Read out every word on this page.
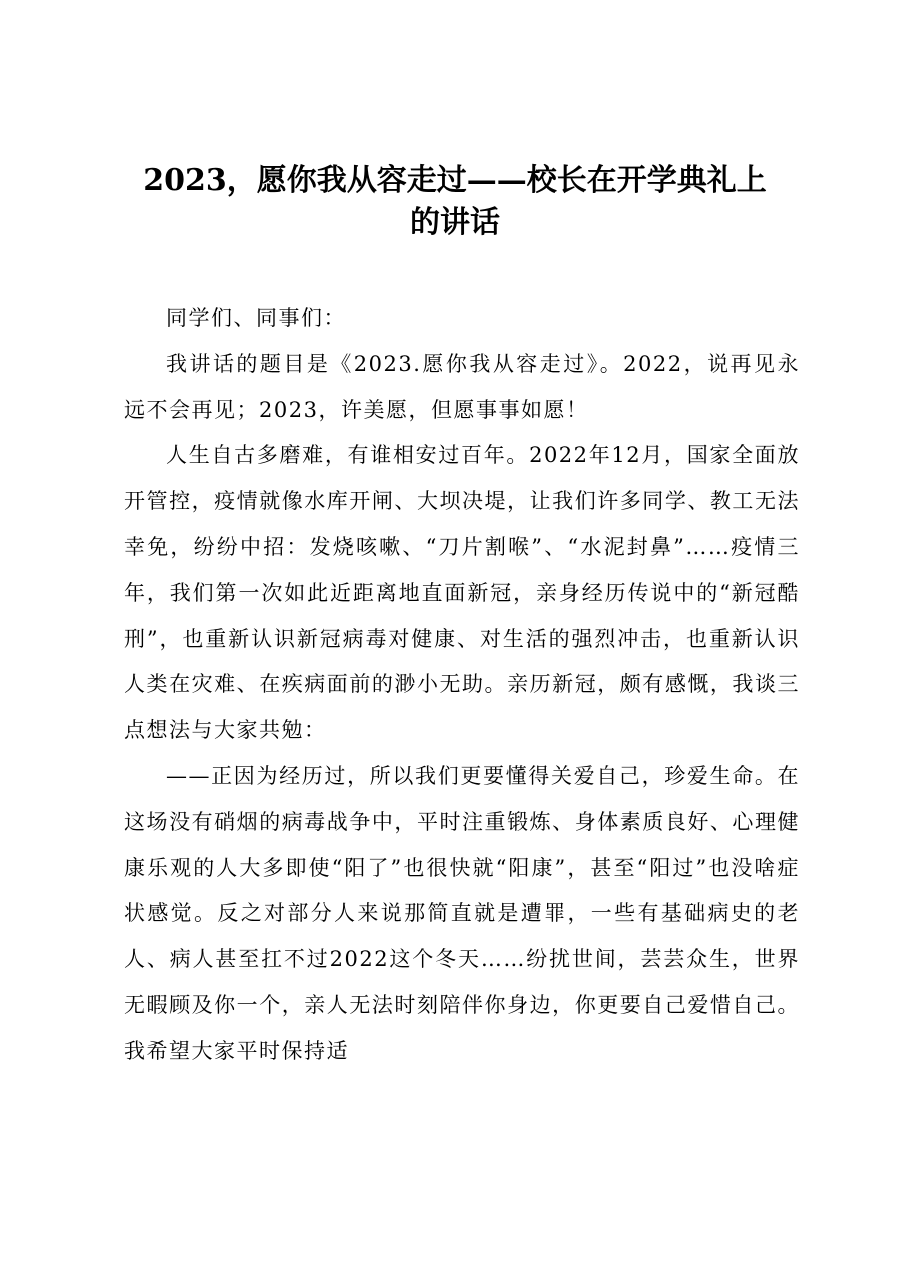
2023，愿你我从容走过——校长在开学典礼上
的讲话

同学们、同事们：

我讲话的题目是《2023.愿你我从容走过》。2022，说再见永远不会再见；2023，许美愿，但愿事事如愿！

人生自古多磨难，有谁相安过百年。2022年12月，国家全面放开管控，疫情就像水库开闸、大坝决堤，让我们许多同学、教工无法幸免，纷纷中招：发烧咳嗽、“刀片割喉”、“水泥封鼻”……疫情三年，我们第一次如此近距离地直面新冠，亲身经历传说中的“新冠酷刑”，也重新认识新冠病毒对健康、对生活的强烈冲击，也重新认识人类在灾难、在疾病面前的渺小无助。亲历新冠，颇有感慨，我谈三点想法与大家共勉：

——正因为经历过，所以我们更要懂得关爱自己，珍爱生命。在这场没有硝烟的病毒战争中，平时注重锻炼、身体素质良好、心理健康乐观的人大多即使“阳了”也很快就“阳康”，甚至“阳过”也没啥症状感觉。反之对部分人来说那简直就是遭罪，一些有基础病史的老人、病人甚至扛不过2022这个冬天……纷扰世间，芸芸众生，世界无暇顾及你一个，亲人无法时刻陪伴你身边，你更要自己爱惜自己。我希望大家平时保持适
